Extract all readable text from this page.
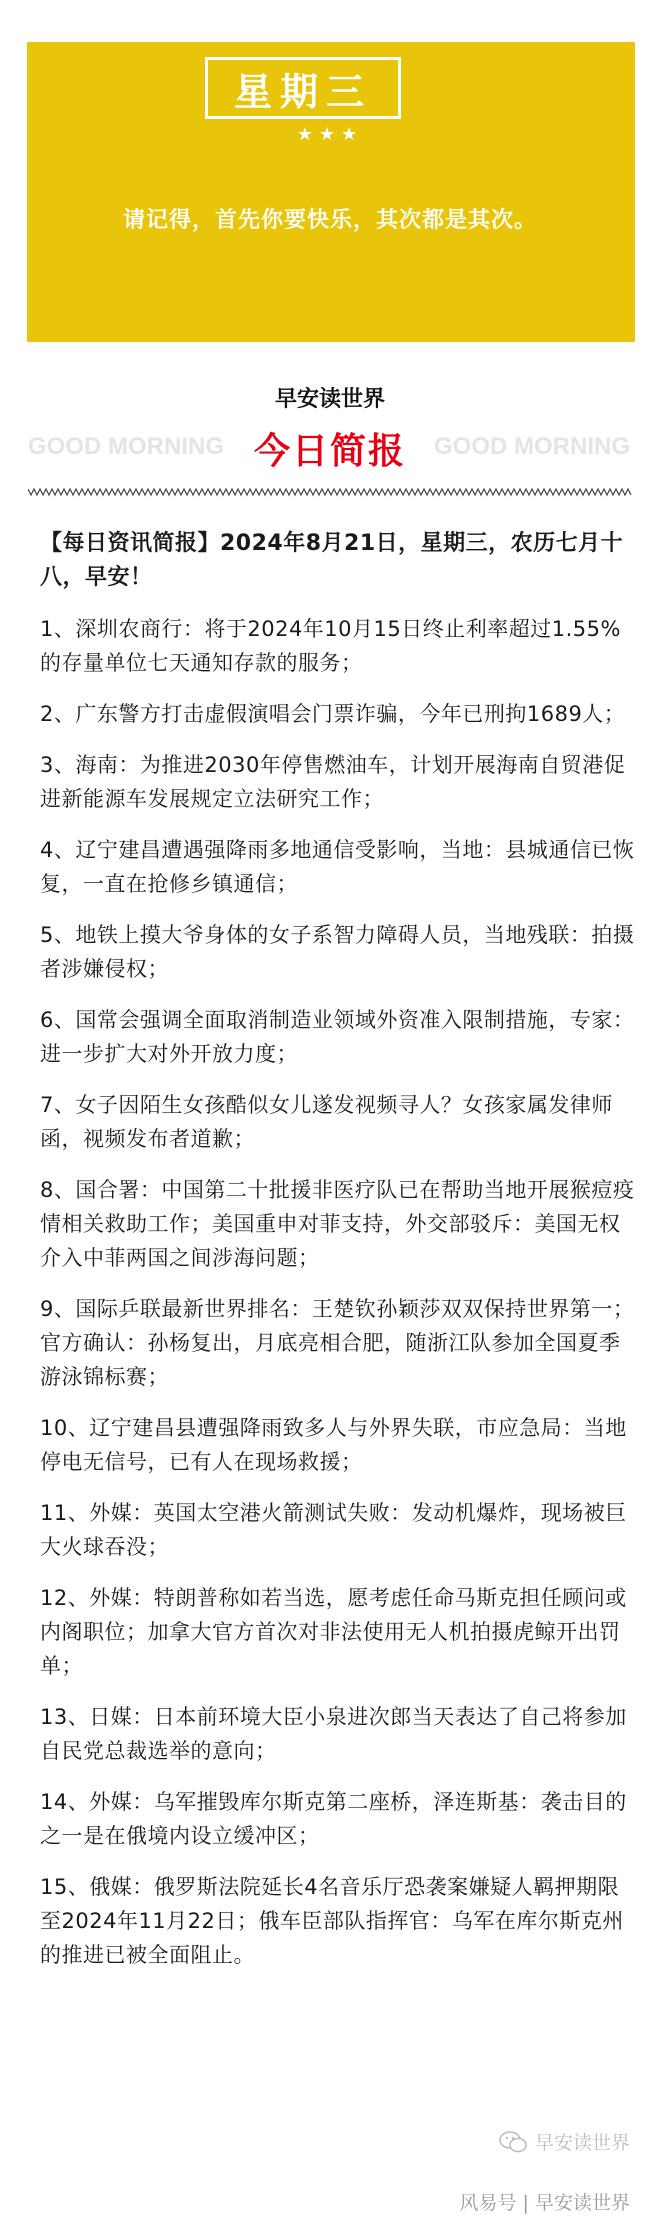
星期三
★★★
请记得，首先你要快乐，其次都是其次。
早安读世界
GOOD MORNING	GOOD MORNING
今日简报

【每日资讯简报】2024年8月21日，星期三，农历七月十八，早安！

1、深圳农商行：将于2024年10月15日终止利率超过1.55%的存量单位七天通知存款的服务；

2、广东警方打击虚假演唱会门票诈骗，今年已刑拘1689人；

3、海南：为推进2030年停售燃油车，计划开展海南自贸港促进新能源车发展规定立法研究工作；

4、辽宁建昌遭遇强降雨多地通信受影响，当地：县城通信已恢复，一直在抢修乡镇通信；

5、地铁上摸大爷身体的女子系智力障碍人员，当地残联：拍摄者涉嫌侵权；

6、国常会强调全面取消制造业领域外资准入限制措施，专家：进一步扩大对外开放力度；

7、女子因陌生女孩酷似女儿遂发视频寻人？女孩家属发律师函，视频发布者道歉；

8、国合署：中国第二十批援非医疗队已在帮助当地开展猴痘疫情相关救助工作；美国重申对菲支持，外交部驳斥：美国无权介入中菲两国之间涉海问题；

9、国际乒联最新世界排名：王楚钦孙颖莎双双保持世界第一；官方确认：孙杨复出，月底亮相合肥，随浙江队参加全国夏季游泳锦标赛；

10、辽宁建昌县遭强降雨致多人与外界失联，市应急局：当地停电无信号，已有人在现场救援；

11、外媒：英国太空港火箭测试失败：发动机爆炸，现场被巨大火球吞没；

12、外媒：特朗普称如若当选，愿考虑任命马斯克担任顾问或内阁职位；加拿大官方首次对非法使用无人机拍摄虎鲸开出罚单；

13、日媒：日本前环境大臣小泉进次郎当天表达了自己将参加自民党总裁选举的意向；

14、外媒：乌军摧毁库尔斯克第二座桥，泽连斯基：袭击目的之一是在俄境内设立缓冲区；

15、俄媒：俄罗斯法院延长4名音乐厅恐袭案嫌疑人羁押期限至2024年11月22日；俄车臣部队指挥官：乌军在库尔斯克州的推进已被全面阻止。

早安读世界
风易号 | 早安读世界
